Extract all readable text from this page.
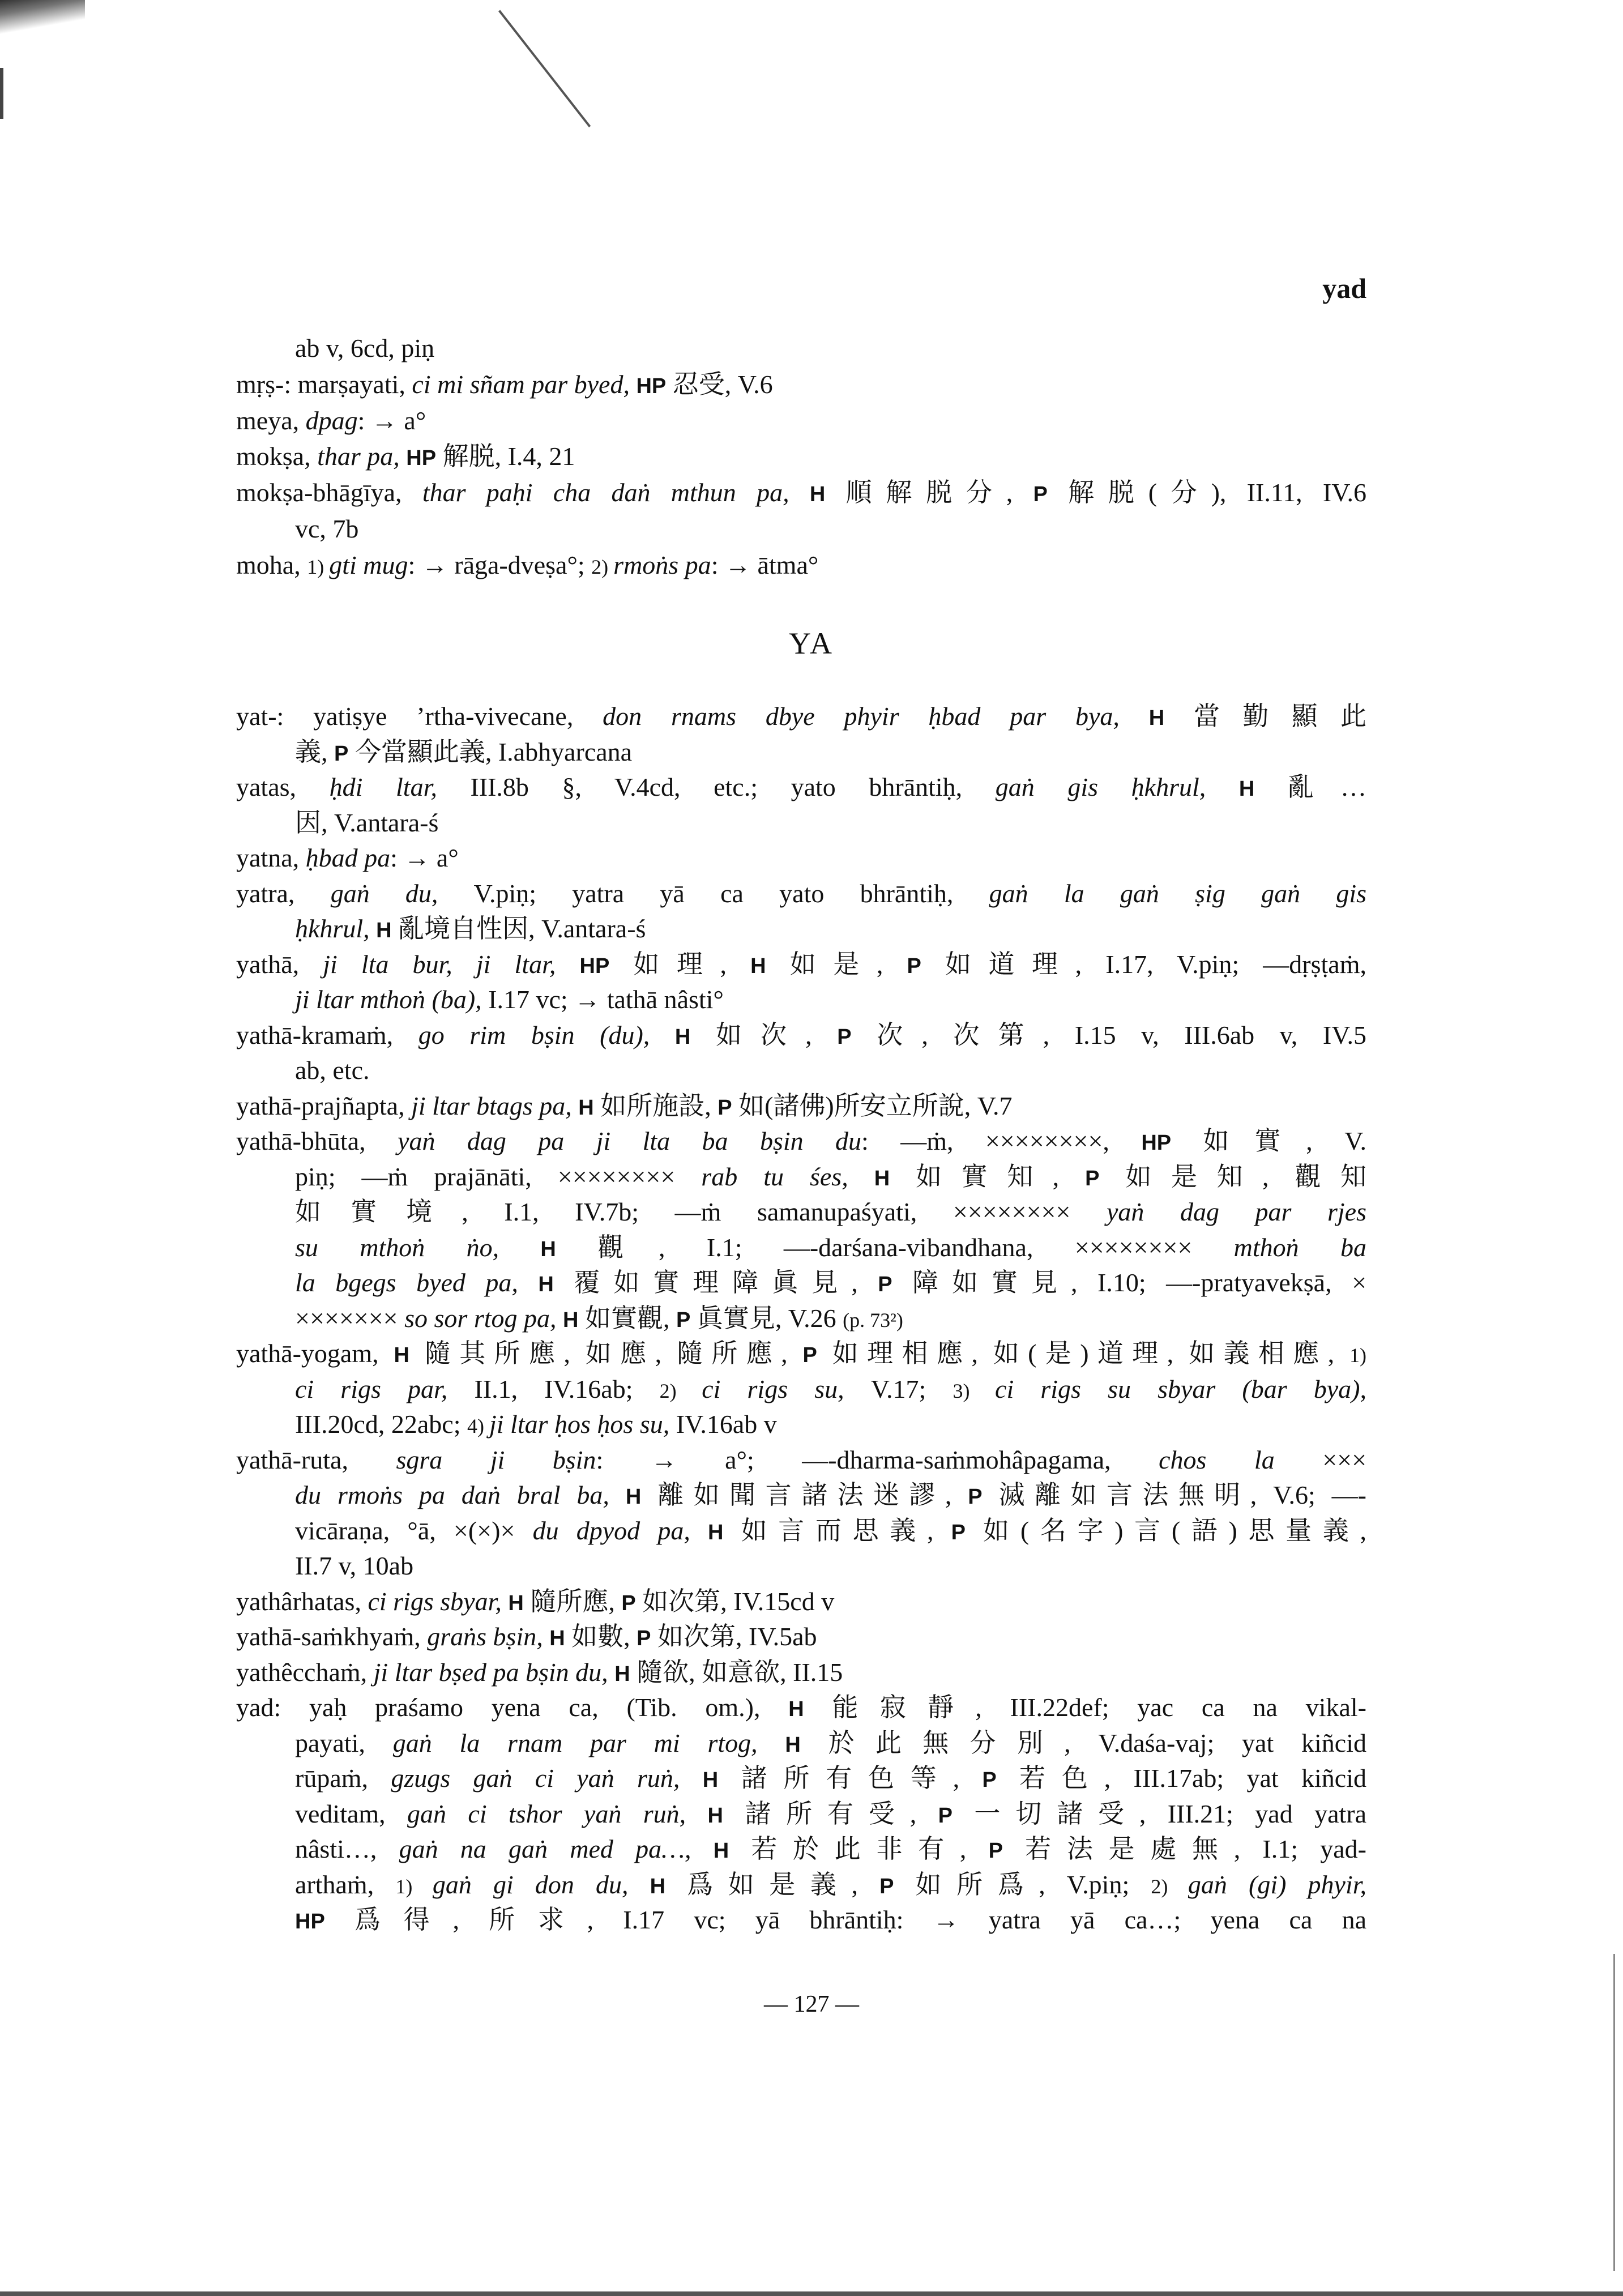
yad
ab v, 6cd, piṇ
mṛṣ-: marṣayati, ci mi sñam par byed, HP 忍受, V.6
meya, dpag: → a°
mokṣa, thar pa, HP 解脱, I.4, 21
mokṣa-bhāgīya, thar paḥi cha daṅ mthun pa, H 順解脱分, P 解脱(分), II.11, IV.6
vc, 7b
moha, 1) gti mug: → rāga-dveṣa°; 2) rmoṅs pa: → ātma°
YA
yat-: yatiṣye ’rtha-vivecane, don rnams dbye phyir ḥbad par bya, H 當勤顯此
義, P 今當顯此義, I.abhyarcana
yatas, ḥdi ltar, III.8b §, V.4cd, etc.; yato bhrāntiḥ, gaṅ gis ḥkhrul, H 亂…
因, V.antara-ś
yatna, ḥbad pa: → a°
yatra, gaṅ du, V.piṇ; yatra yā ca yato bhrāntiḥ, gaṅ la gaṅ ṣig gaṅ gis
ḥkhrul, H 亂境自性因, V.antara-ś
yathā, ji lta bur, ji ltar, HP 如理, H 如是, P 如道理, I.17, V.piṇ; —dṛṣṭaṁ,
ji ltar mthoṅ (ba), I.17 vc; → tathā nâsti°
yathā-kramaṁ, go rim bṣin (du), H 如次, P 次, 次第, I.15 v, III.6ab v, IV.5
ab, etc.
yathā-prajñapta, ji ltar btags pa, H 如所施設, P 如(諸佛)所安立所說, V.7
yathā-bhūta, yaṅ dag pa ji lta ba bṣin du: —ṁ, ××××××××, HP 如實, V.
piṇ; —ṁ prajānāti, ×××××××× rab tu śes, H 如實知, P 如是知, 觀知
如實境, I.1, IV.7b; —ṁ samanupaśyati, ×××××××× yaṅ dag par rjes
su mthoṅ ṅo, H 觀, I.1; —-darśana-vibandhana, ×××××××× mthoṅ ba
la bgegs byed pa, H 覆如實理障眞見, P 障如實見, I.10; —-pratyavekṣā, ×
××××××× so sor rtog pa, H 如實觀, P 眞實見, V.26 (p. 73²)
yathā-yogam, H 隨其所應, 如應, 隨所應, P 如理相應, 如(是)道理, 如義相應, 1)
ci rigs par, II.1, IV.16ab; 2) ci rigs su, V.17; 3) ci rigs su sbyar (bar bya),
III.20cd, 22abc; 4) ji ltar ḥos ḥos su, IV.16ab v
yathā-ruta, sgra ji bṣin: → a°; —-dharma-saṁmohâpagama, chos la ×××
du rmoṅs pa daṅ bral ba, H 離如聞言諸法迷謬, P 滅離如言法無明, V.6; —-
vicāraṇa, °ā, ×(×)× du dpyod pa, H 如言而思義, P 如(名字)言(語)思量義,
II.7 v, 10ab
yathârhatas, ci rigs sbyar, H 隨所應, P 如次第, IV.15cd v
yathā-saṁkhyaṁ, graṅs bṣin, H 如數, P 如次第, IV.5ab
yathêcchaṁ, ji ltar bṣed pa bṣin du, H 隨欲, 如意欲, II.15
yad: yaḥ praśamo yena ca, (Tib. om.), H 能寂靜, III.22def; yac ca na vikal-
payati, gaṅ la rnam par mi rtog, H 於此無分別, V.daśa-vaj; yat kiñcid
rūpaṁ, gzugs gaṅ ci yaṅ ruṅ, H 諸所有色等, P 若色, III.17ab; yat kiñcid
veditam, gaṅ ci tshor yaṅ ruṅ, H 諸所有受, P 一切諸受, III.21; yad yatra
nâsti…, gaṅ na gaṅ med pa…, H 若於此非有, P 若法是處無, I.1; yad-
arthaṁ, 1) gaṅ gi don du, H 爲如是義, P 如所爲, V.piṇ; 2) gaṅ (gi) phyir,
HP 爲得, 所求, I.17 vc; yā bhrāntiḥ: → yatra yā ca…; yena ca na
— 127 —
